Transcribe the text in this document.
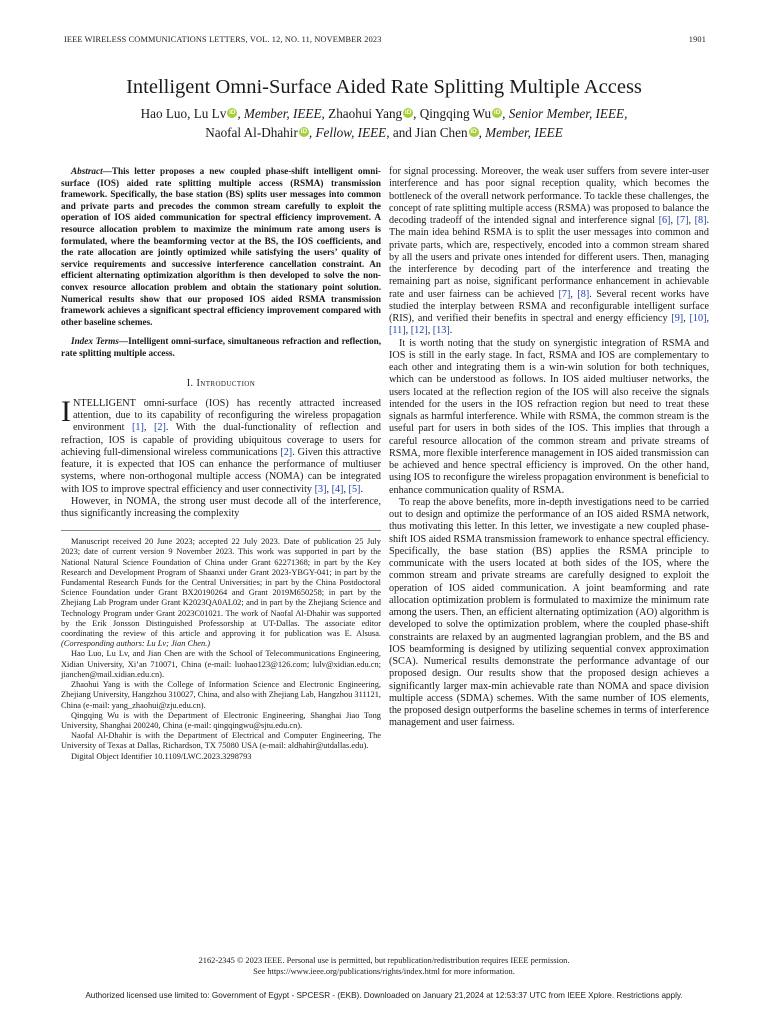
IEEE WIRELESS COMMUNICATIONS LETTERS, VOL. 12, NO. 11, NOVEMBER 2023	1901
Intelligent Omni-Surface Aided Rate Splitting Multiple Access
Hao Luo, Lu Lv iD , Member, IEEE, Zhaohui Yang iD , Qingqing Wu iD , Senior Member, IEEE,
Naofal Al-Dhahir iD , Fellow, IEEE, and Jian Chen iD , Member, IEEE

Abstract—This letter proposes a new coupled phase-shift intelligent omni-surface (IOS) aided rate splitting multiple access (RSMA) transmission framework. Specifically, the base station (BS) splits user messages into common and private parts and precodes the common stream carefully to exploit the operation of IOS aided communication for spectral efficiency improvement. A resource allocation problem to maximize the minimum rate among users is formulated, where the beamforming vector at the BS, the IOS coefficients, and the rate allocation are jointly optimized while satisfying the users’ quality of service requirements and successive interference cancellation constraint. An efficient alternating optimization algorithm is then developed to solve the non-convex resource allocation problem and obtain the stationary point solution. Numerical results show that our proposed IOS aided RSMA transmission framework achieves a significant spectral efficiency improvement compared with other baseline schemes.

Index Terms—Intelligent omni-surface, simultaneous refraction and reflection, rate splitting multiple access.

I. Introduction

INTELLIGENT omni-surface (IOS) has recently attracted increased attention, due to its capability of reconfiguring the wireless propagation environment [1], [2]. With the dual-functionality of reflection and refraction, IOS is capable of providing ubiquitous coverage to users for achieving full-dimensional wireless communications [2]. Given this attractive feature, it is expected that IOS can enhance the performance of multiuser systems, where non-orthogonal multiple access (NOMA) can be integrated with IOS to improve spectral efficiency and user connectivity [3], [4], [5].

However, in NOMA, the strong user must decode all of the interference, thus significantly increasing the complexity

Manuscript received 20 June 2023; accepted 22 July 2023. Date of publication 25 July 2023; date of current version 9 November 2023. This work was supported in part by the National Natural Science Foundation of China under Grant 62271368; in part by the Key Research and Development Program of Shaanxi under Grant 2023-YBGY-041; in part by the Fundamental Research Funds for the Central Universities; in part by the China Postdoctoral Science Foundation under Grant BX20190264 and Grant 2019M650258; in part by the Zhejiang Lab Program under Grant K2023QA0AL02; and in part by the Zhejiang Science and Technology Program under Grant 2023C01021. The work of Naofal Al-Dhahir was supported by the Erik Jonsson Distinguished Professorship at UT-Dallas. The associate editor coordinating the review of this article and approving it for publication was E. Alsusa. (Corresponding authors: Lu Lv; Jian Chen.)

Hao Luo, Lu Lv, and Jian Chen are with the School of Telecommunications Engineering, Xidian University, Xi’an 710071, China (e-mail: luohao123@126.com; lulv@xidian.edu.cn; jianchen@mail.xidian.edu.cn).

Zhaohui Yang is with the College of Information Science and Electronic Engineering, Zhejiang University, Hangzhou 310027, China, and also with Zhejiang Lab, Hangzhou 311121, China (e-mail: yang_zhaohui@zju.edu.cn).

Qingqing Wu is with the Department of Electronic Engineering, Shanghai Jiao Tong University, Shanghai 200240, China (e-mail: qingqingwu@sjtu.edu.cn).

Naofal Al-Dhahir is with the Department of Electrical and Computer Engineering, The University of Texas at Dallas, Richardson, TX 75080 USA (e-mail: aldhahir@utdallas.edu).

Digital Object Identifier 10.1109/LWC.2023.3298793

for signal processing. Moreover, the weak user suffers from severe inter-user interference and has poor signal reception quality, which becomes the bottleneck of the overall network performance. To tackle these challenges, the concept of rate splitting multiple access (RSMA) was proposed to balance the decoding tradeoff of the intended signal and interference signal [6], [7], [8]. The main idea behind RSMA is to split the user messages into common and private parts, which are, respectively, encoded into a common stream shared by all the users and private ones intended for different users. Then, managing the interference by decoding part of the interference and treating the remaining part as noise, significant performance enhancement in achievable rate and user fairness can be achieved [7], [8]. Several recent works have studied the interplay between RSMA and reconfigurable intelligent surface (RIS), and verified their benefits in spectral and energy efficiency [9], [10], [11], [12], [13].

It is worth noting that the study on synergistic integration of RSMA and IOS is still in the early stage. In fact, RSMA and IOS are complementary to each other and integrating them is a win-win solution for both techniques, which can be understood as follows. In IOS aided multiuser networks, the users located at the reflection region of the IOS will also receive the signals intended for the users in the IOS refraction region but need to treat these signals as harmful interference. While with RSMA, the common stream is the useful part for users in both sides of the IOS. This implies that through a careful resource allocation of the common stream and private streams of RSMA, more flexible interference management in IOS aided transmission can be achieved and hence spectral efficiency is improved. On the other hand, using IOS to reconfigure the wireless propagation environment is beneficial to enhance communication quality of RSMA.

To reap the above benefits, more in-depth investigations need to be carried out to design and optimize the performance of an IOS aided RSMA network, thus motivating this letter. In this letter, we investigate a new coupled phase-shift IOS aided RSMA transmission framework to enhance spectral efficiency. Specifically, the base station (BS) applies the RSMA principle to communicate with the users located at both sides of the IOS, where the common stream and private streams are carefully designed to exploit the operation of IOS aided communication. A joint beamforming and rate allocation optimization problem is formulated to maximize the minimum rate among the users. Then, an efficient alternating optimization (AO) algorithm is developed to solve the optimization problem, where the coupled phase-shift constraints are relaxed by an augmented lagrangian problem, and the BS and IOS beamforming is designed by utilizing sequential convex approximation (SCA). Numerical results demonstrate the performance advantage of our proposed design. Our results show that the proposed design achieves a significantly larger max-min achievable rate than NOMA and space division multiple access (SDMA) schemes. With the same number of IOS elements, the proposed design outperforms the baseline schemes in terms of interference management and user fairness.

2162-2345 © 2023 IEEE. Personal use is permitted, but republication/redistribution requires IEEE permission.
See https://www.ieee.org/publications/rights/index.html for more information.
Authorized licensed use limited to: Government of Egypt - SPCESR - (EKB). Downloaded on January 21,2024 at 12:53:37 UTC from IEEE Xplore. Restrictions apply.
